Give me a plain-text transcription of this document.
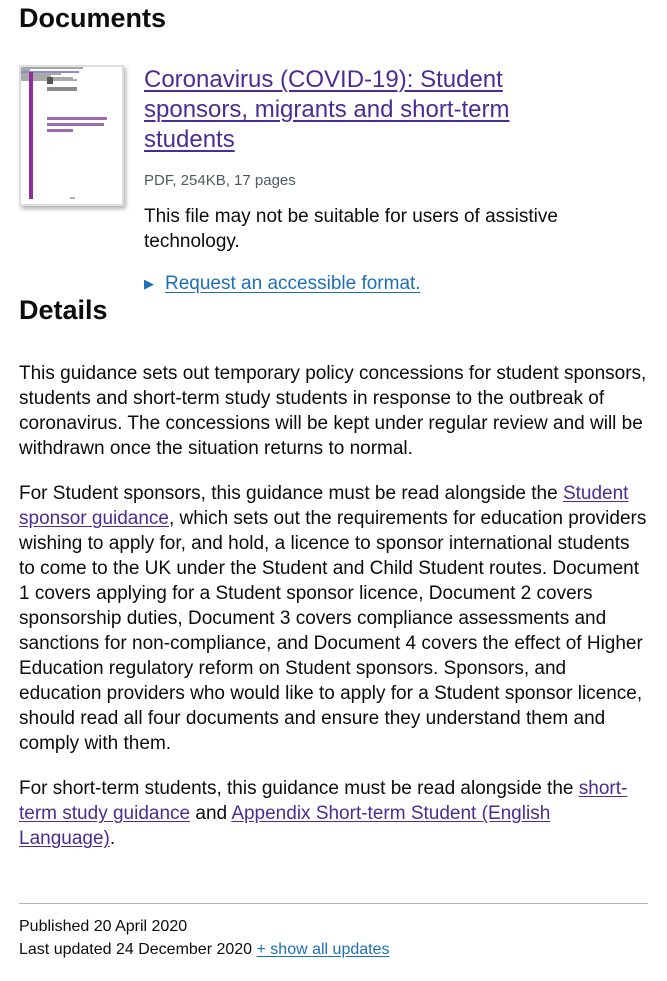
Documents
Coronavirus (COVID-19): Student sponsors, migrants and short-term students

PDF, 254KB, 17 pages

This file may not be suitable for users of assistive technology.

▶ Request an accessible format.
Details

This guidance sets out temporary policy concessions for student sponsors, students and short-term study students in response to the outbreak of coronavirus. The concessions will be kept under regular review and will be withdrawn once the situation returns to normal.

For Student sponsors, this guidance must be read alongside the Student sponsor guidance, which sets out the requirements for education providers wishing to apply for, and hold, a licence to sponsor international students to come to the UK under the Student and Child Student routes. Document 1 covers applying for a Student sponsor licence, Document 2 covers sponsorship duties, Document 3 covers compliance assessments and sanctions for non-compliance, and Document 4 covers the effect of Higher Education regulatory reform on Student sponsors. Sponsors, and education providers who would like to apply for a Student sponsor licence, should read all four documents and ensure they understand them and comply with them.

For short-term students, this guidance must be read alongside the short-term study guidance and Appendix Short-term Student (English Language).

Published 20 April 2020

Last updated 24 December 2020 + show all updates
